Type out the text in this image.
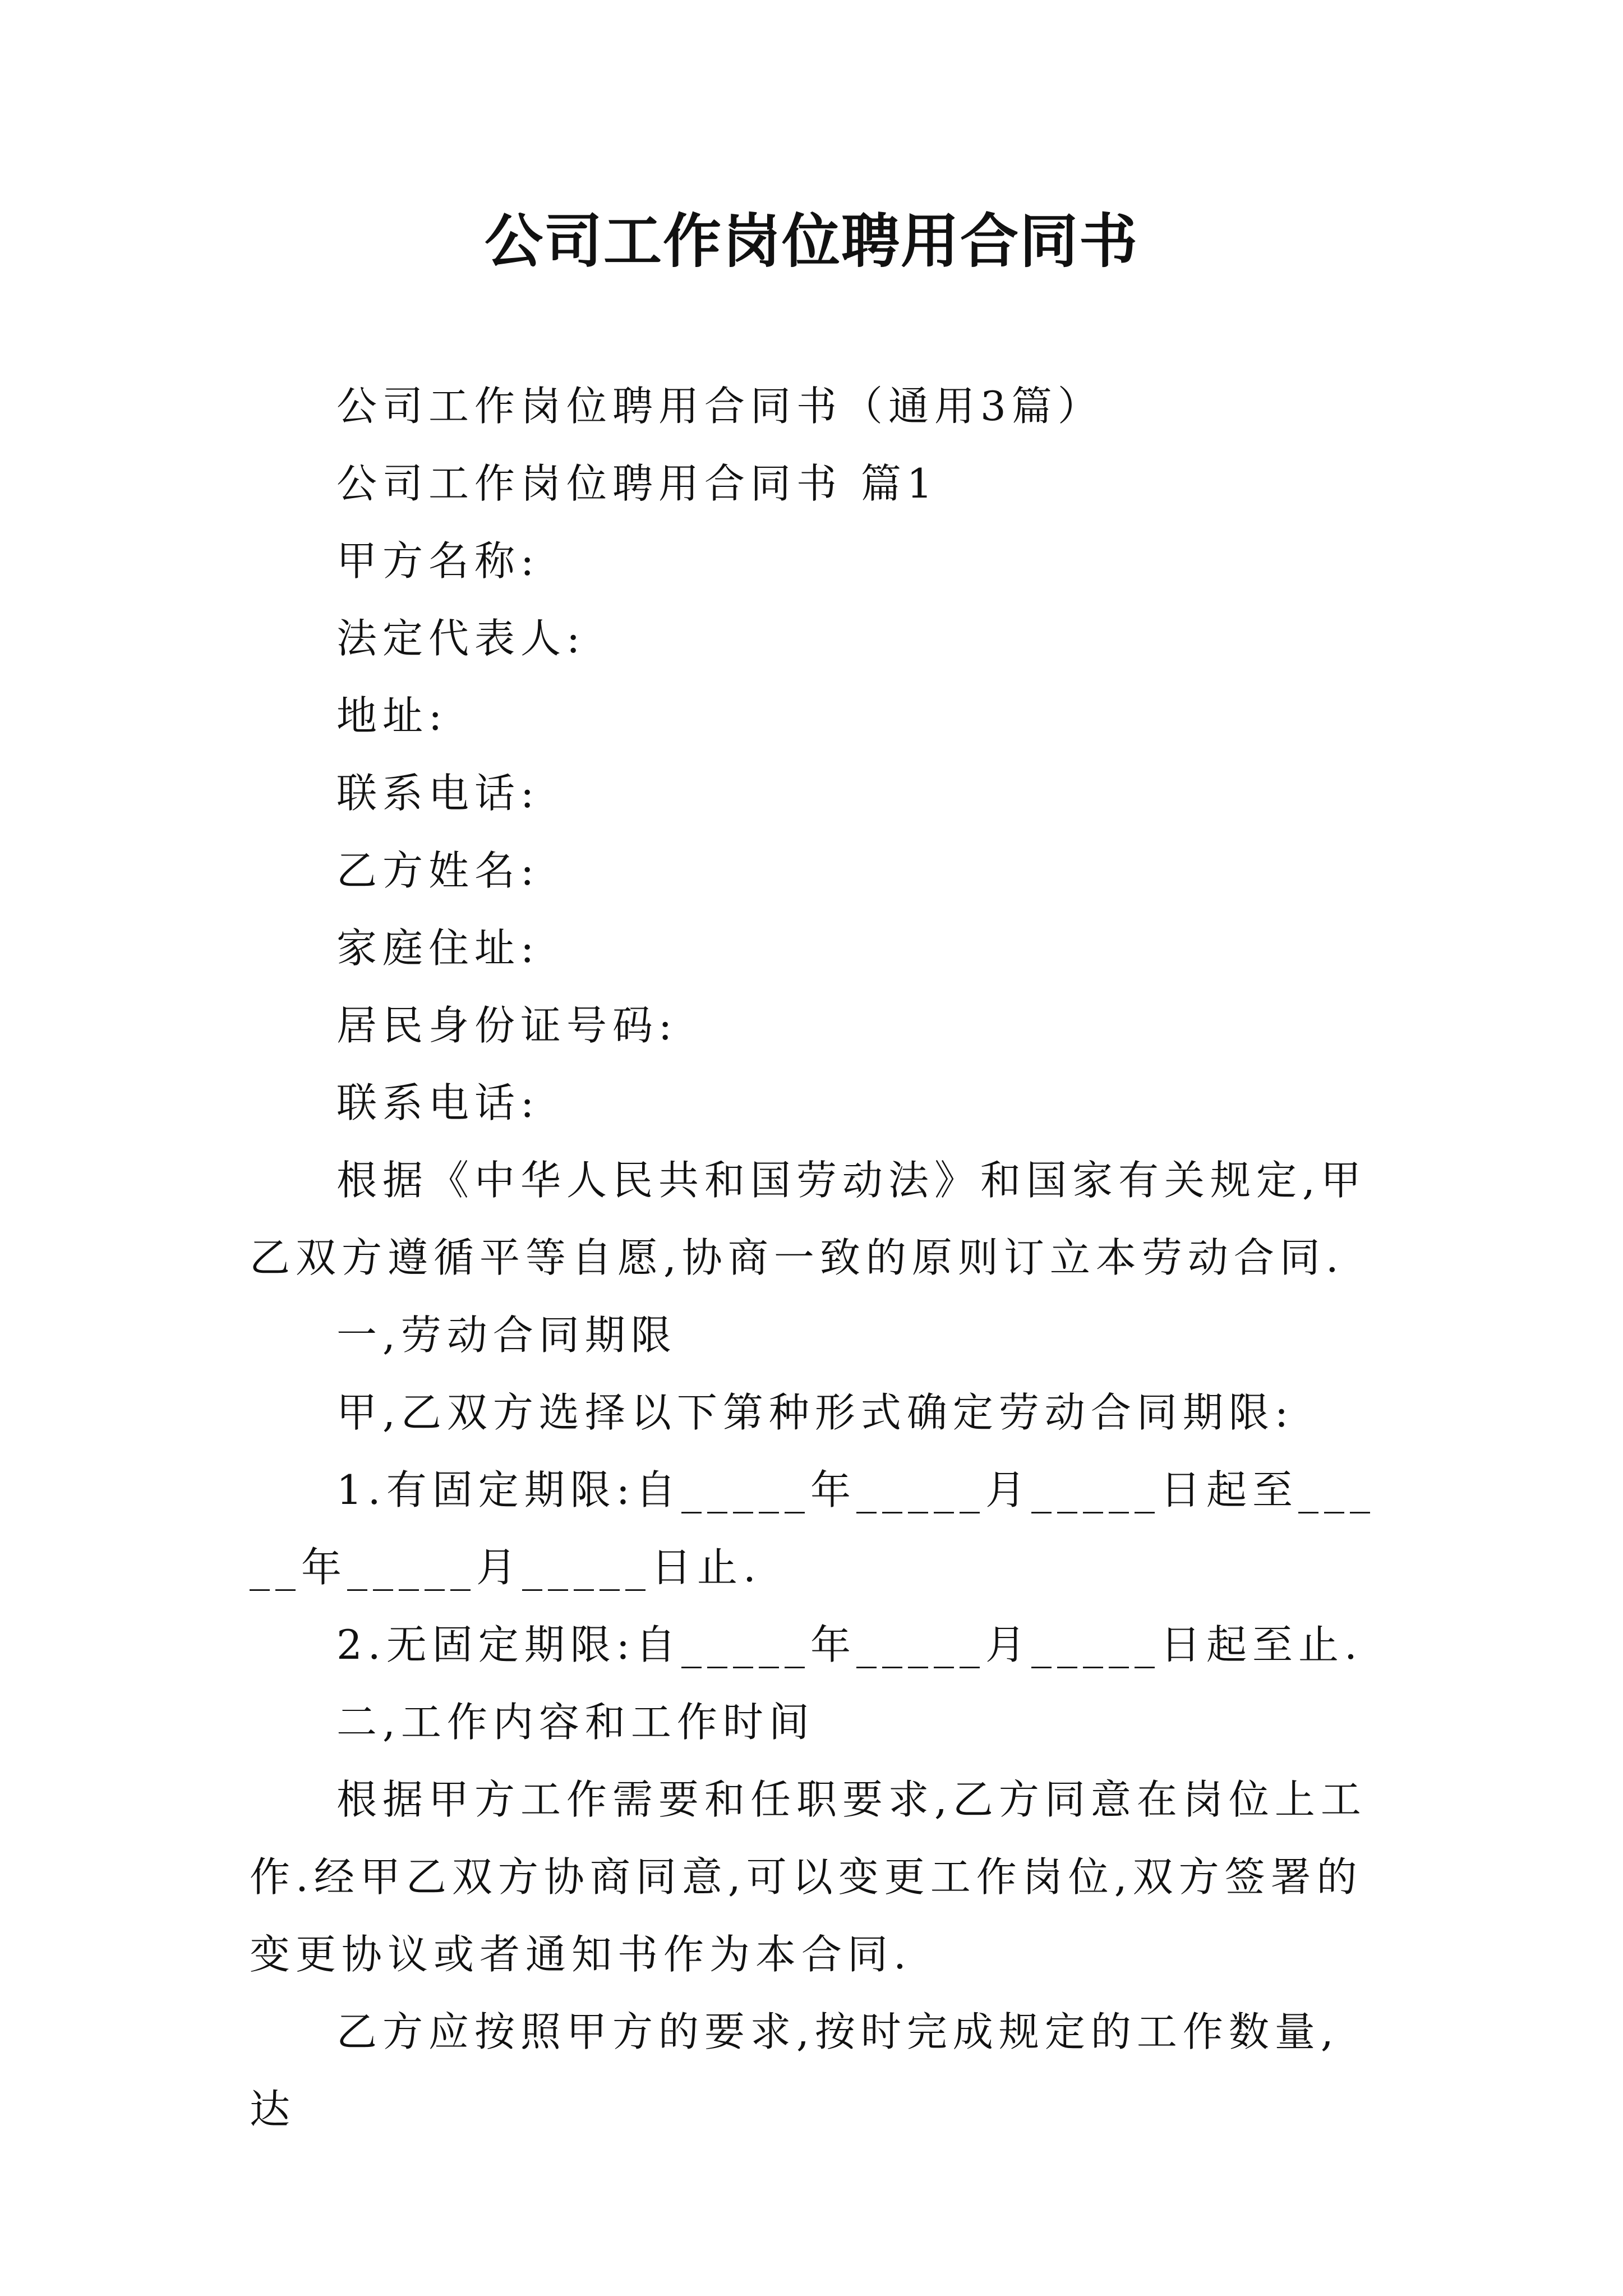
公司工作岗位聘用合同书

公司工作岗位聘用合同书（通用3篇）

公司工作岗位聘用合同书 篇1

甲方名称:

法定代表人:

地址:

联系电话:

乙方姓名:

家庭住址:

居民身份证号码:

联系电话:

根据《中华人民共和国劳动法》和国家有关规定,甲乙双方遵循平等自愿,协商一致的原则订立本劳动合同.

一,劳动合同期限

甲,乙双方选择以下第种形式确定劳动合同期限:

1.有固定期限:自_____年_____月_____日起至_____年_____月_____日止.

2.无固定期限:自_____年_____月_____日起至止.

二,工作内容和工作时间

根据甲方工作需要和任职要求,乙方同意在岗位上工作.经甲乙双方协商同意,可以变更工作岗位,双方签署的变更协议或者通知书作为本合同.

乙方应按照甲方的要求,按时完成规定的工作数量,达
